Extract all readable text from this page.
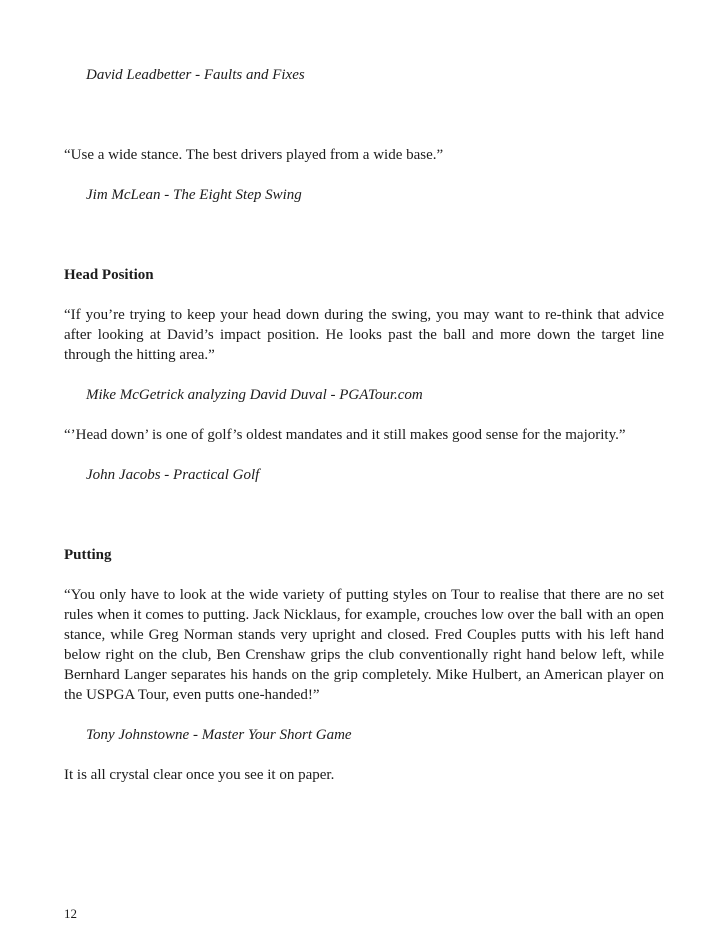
David Leadbetter - Faults and Fixes

“Use a wide stance. The best drivers played from a wide base.”

Jim McLean - The Eight Step Swing

Head Position

“If you’re trying to keep your head down during the swing, you may want to re-think that advice after looking at David’s impact position. He looks past the ball and more down the target line through the hitting area.”

Mike McGetrick analyzing David Duval - PGATour.com

“’Head down’ is one of golf’s oldest mandates and it still makes good sense for the majority.”

John Jacobs - Practical Golf

Putting

“You only have to look at the wide variety of putting styles on Tour to realise that there are no set rules when it comes to putting. Jack Nicklaus, for example, crouches low over the ball with an open stance, while Greg Norman stands very upright and closed. Fred Couples putts with his left hand below right on the club, Ben Crenshaw grips the club conventionally right hand below left, while Bernhard Langer separates his hands on the grip completely. Mike Hulbert, an American player on the USPGA Tour, even putts one-handed!”

Tony Johnstowne - Master Your Short Game

It is all crystal clear once you see it on paper.

12
